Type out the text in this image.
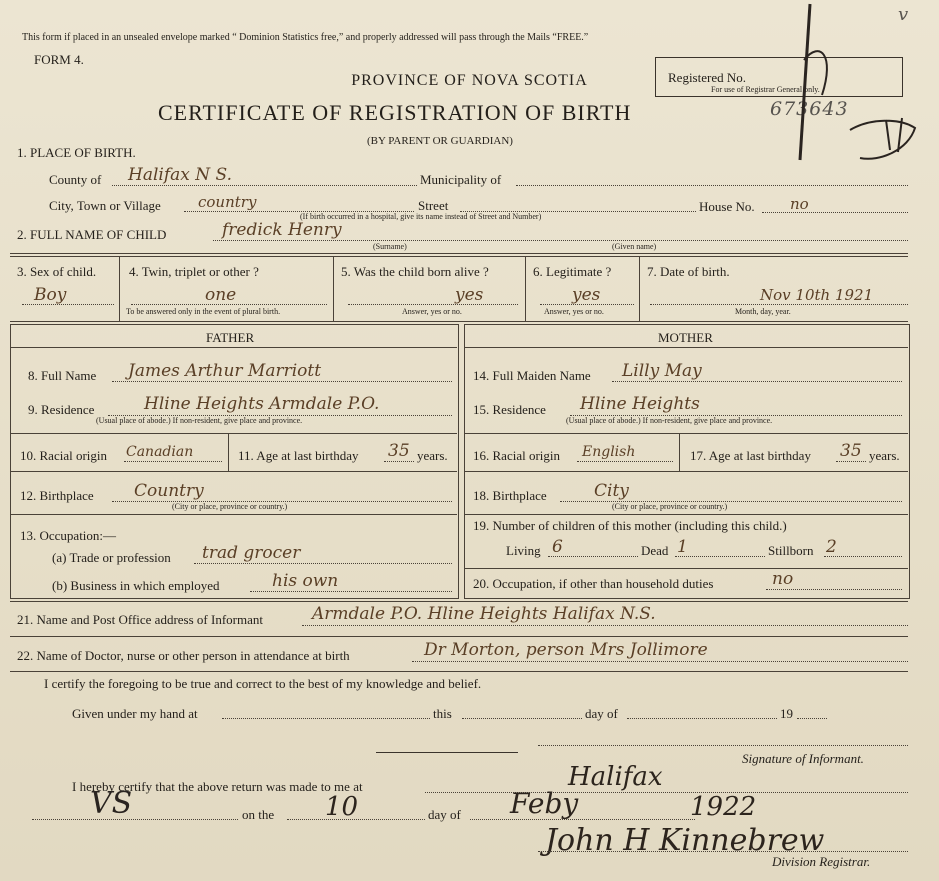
This form if placed in an unsealed envelope marked “ Dominion Statistics free,” and properly addressed will pass through the Mails “FREE.”
FORM 4.
PROVINCE OF NOVA SCOTIA
CERTIFICATE OF REGISTRATION OF BIRTH
(BY PARENT OR GUARDIAN)
Registered No.
For use of Registrar General only.
673643
v
1. PLACE OF BIRTH.
County of Halifax N S.	Municipality of
City, Town or Village country	Street
(If birth occurred in a hospital, give its name instead of Street and Number)
House No. no
2. FULL NAME OF CHILD	fredick Henry
(Surname)	(Given name)
3. Sex of child.
Boy
4. Twin, triplet or other ?
one
To be answered only in the event of plural birth.
5. Was the child born alive ?
yes
Answer, yes or no.
6. Legitimate ?
yes
Answer, yes or no.
7. Date of birth.
Nov 10th 1921
Month, day, year.
FATHER	MOTHER
8. Full Name James Arthur Marriott
9. Residence	Hline Heights Armdale P.O.
(Usual place of abode.) If non-resident, give place and province.
10. Racial origin Canadian	11. Age at last birthday 35 years.
12. Birthplace Country
(City or place, province or country.)
13. Occupation:—
(a) Trade or profession trad grocer
(b) Business in which employed	his own
14. Full Maiden Name Lilly May
15. Residence Hline Heights
(Usual place of abode.) If non-resident, give place and province.
16. Racial origin English	17. Age at last birthday 35 years.
18. Birthplace	City
(City or place, province or country.)
19. Number of children of this mother (including this child.)
Living 6	Dead 1	Stillborn 2
20. Occupation, if other than household duties	no
21. Name and Post Office address of Informant	Armdale P.O. Hline Heights Halifax N.S.
22. Name of Doctor, nurse or other person in attendance at birth	Dr Morton, person Mrs Jollimore
I certify the foregoing to be true and correct to the best of my knowledge and belief.
Given under my hand at	this	day of	19
Signature of Informant.
I hereby certify that the above return was made to me at	Halifax
VS	on the 10	day of Feby	1922
John H Kinnebrew
Division Registrar.
